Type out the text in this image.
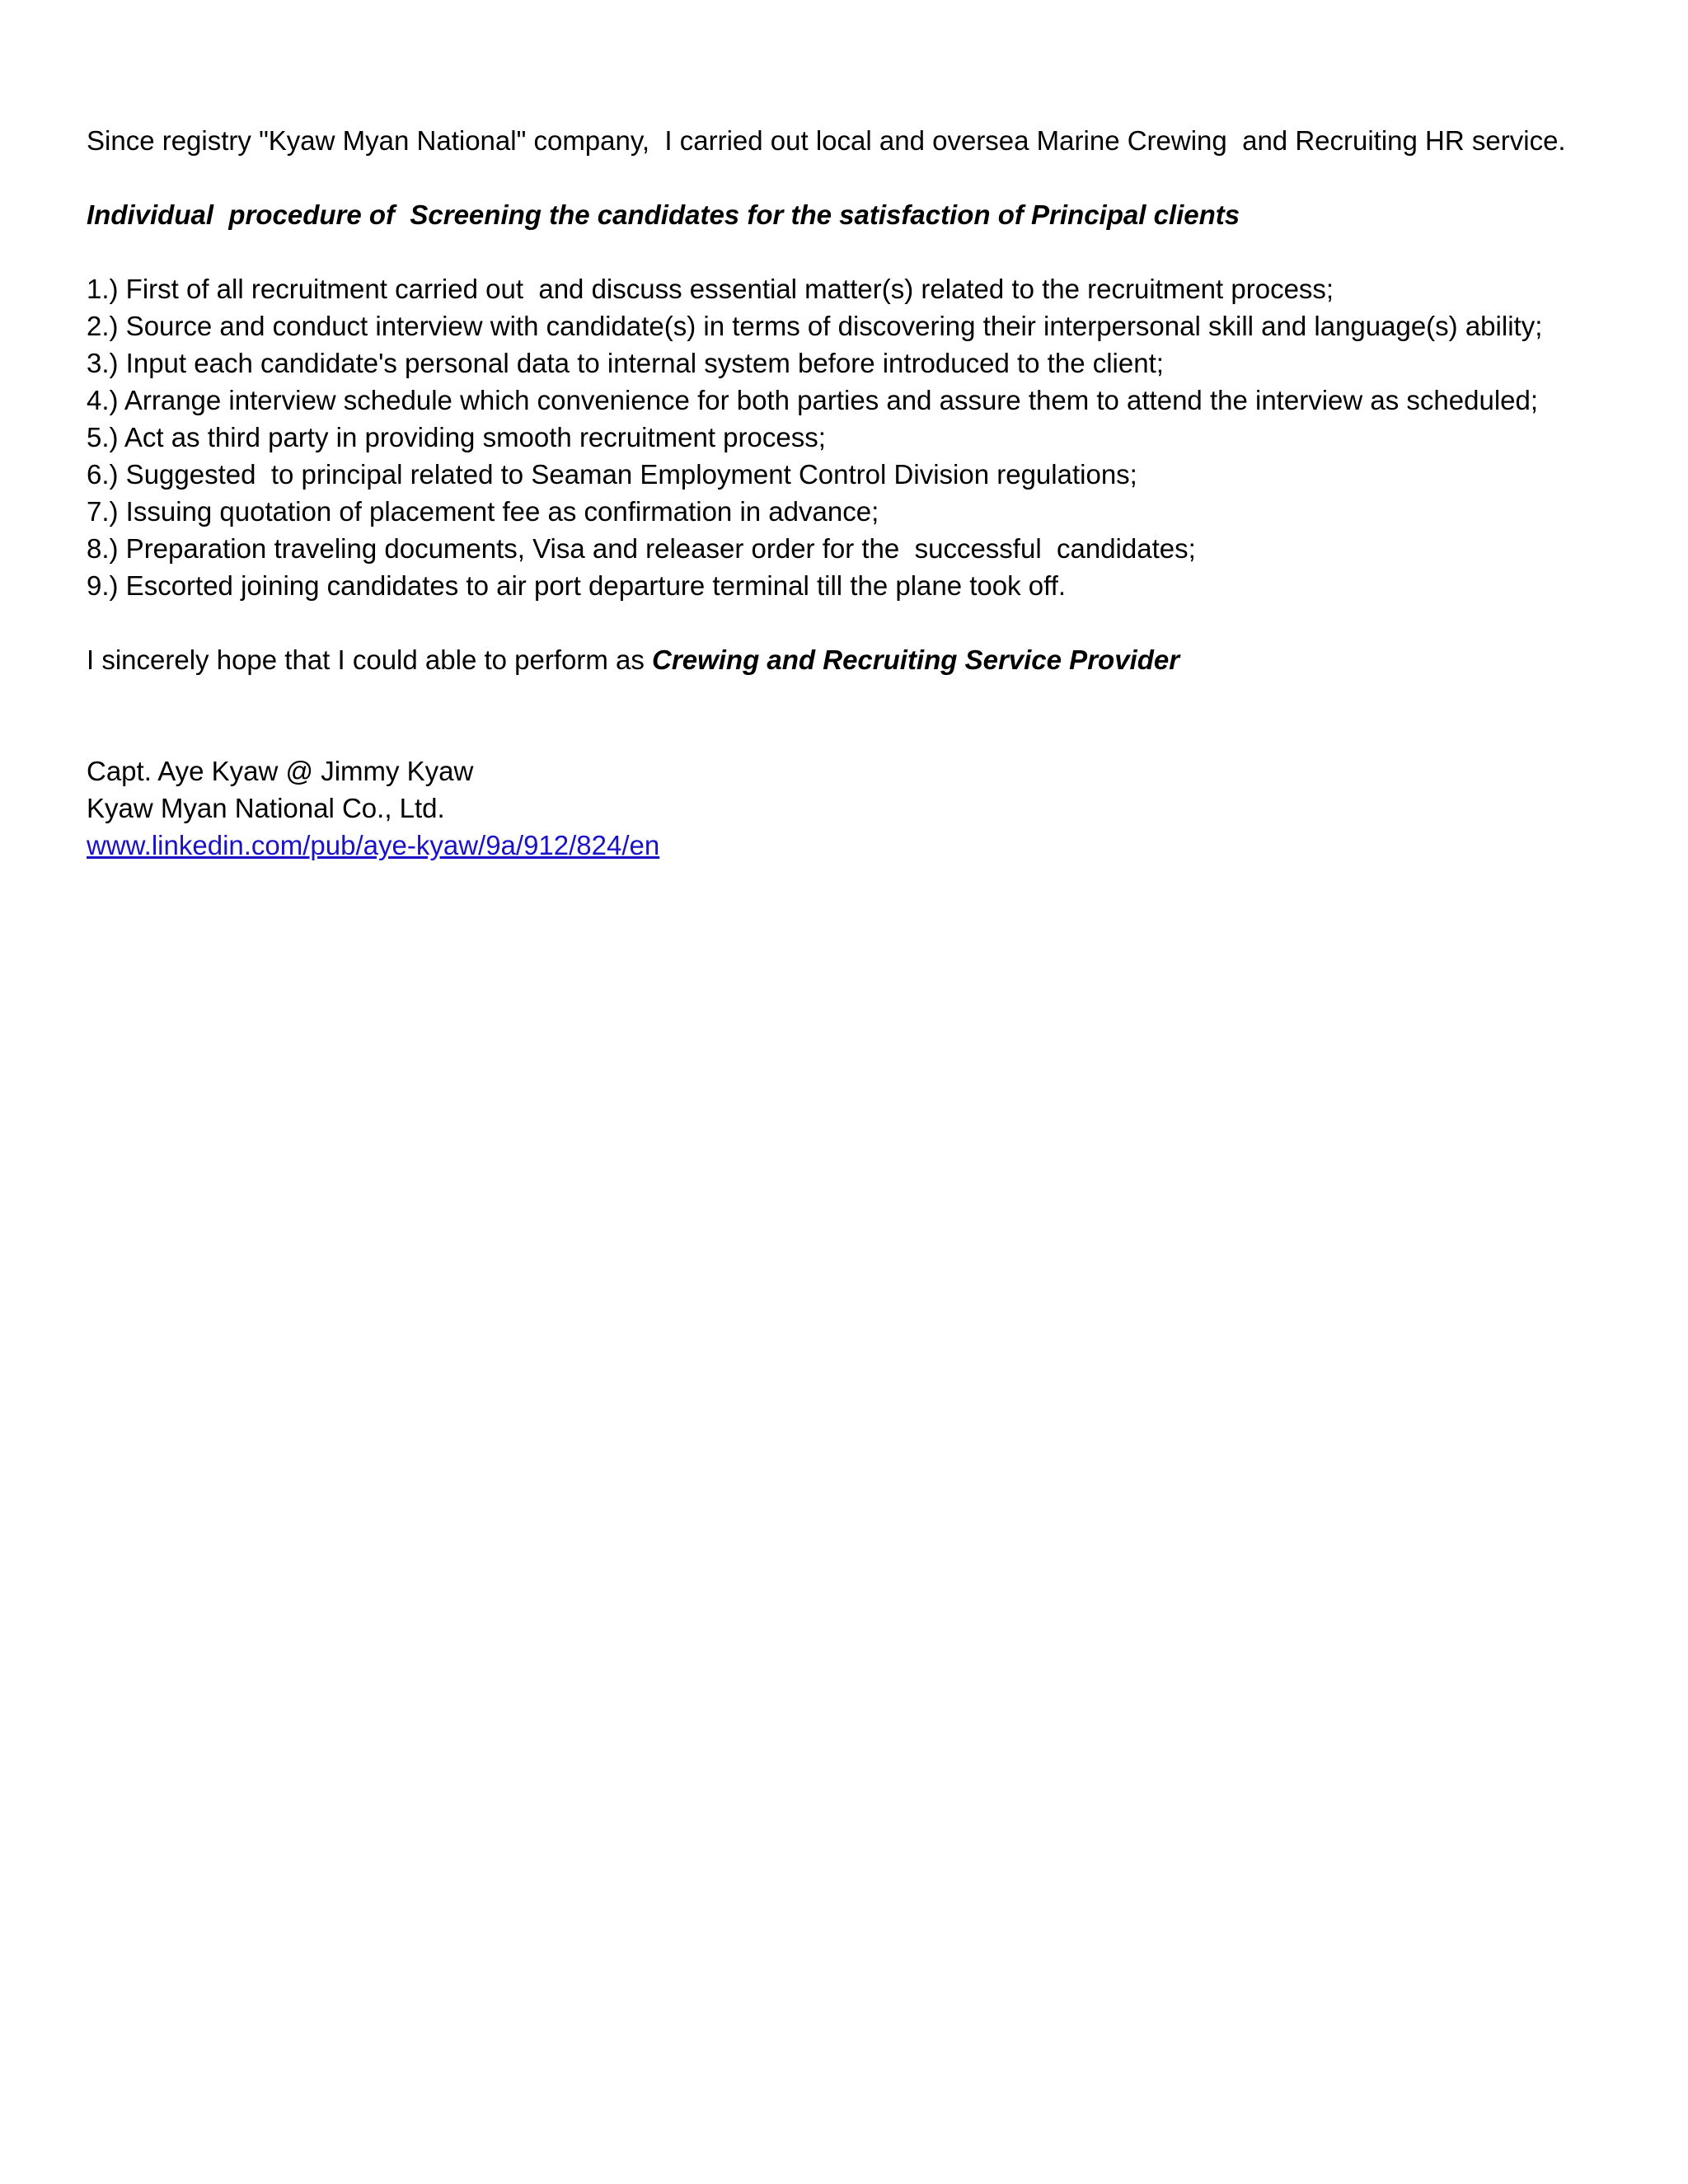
Since registry "Kyaw Myan National" company,  I carried out local and oversea Marine Crewing  and Recruiting HR service.

Individual  procedure of  Screening the candidates for the satisfaction of Principal clients

1.) First of all recruitment carried out  and discuss essential matter(s) related to the recruitment process;
2.) Source and conduct interview with candidate(s) in terms of discovering their interpersonal skill and language(s) ability;
3.) Input each candidate's personal data to internal system before introduced to the client;
4.) Arrange interview schedule which convenience for both parties and assure them to attend the interview as scheduled;
5.) Act as third party in providing smooth recruitment process;
6.) Suggested  to principal related to Seaman Employment Control Division regulations;
7.) Issuing quotation of placement fee as confirmation in advance;
8.) Preparation traveling documents, Visa and releaser order for the  successful  candidates;
9.) Escorted joining candidates to air port departure terminal till the plane took off.

I sincerely hope that I could able to perform as Crewing and Recruiting Service Provider

Capt. Aye Kyaw @ Jimmy Kyaw

Kyaw Myan National Co., Ltd.

www.linkedin.com/pub/aye-kyaw/9a/912/824/en
